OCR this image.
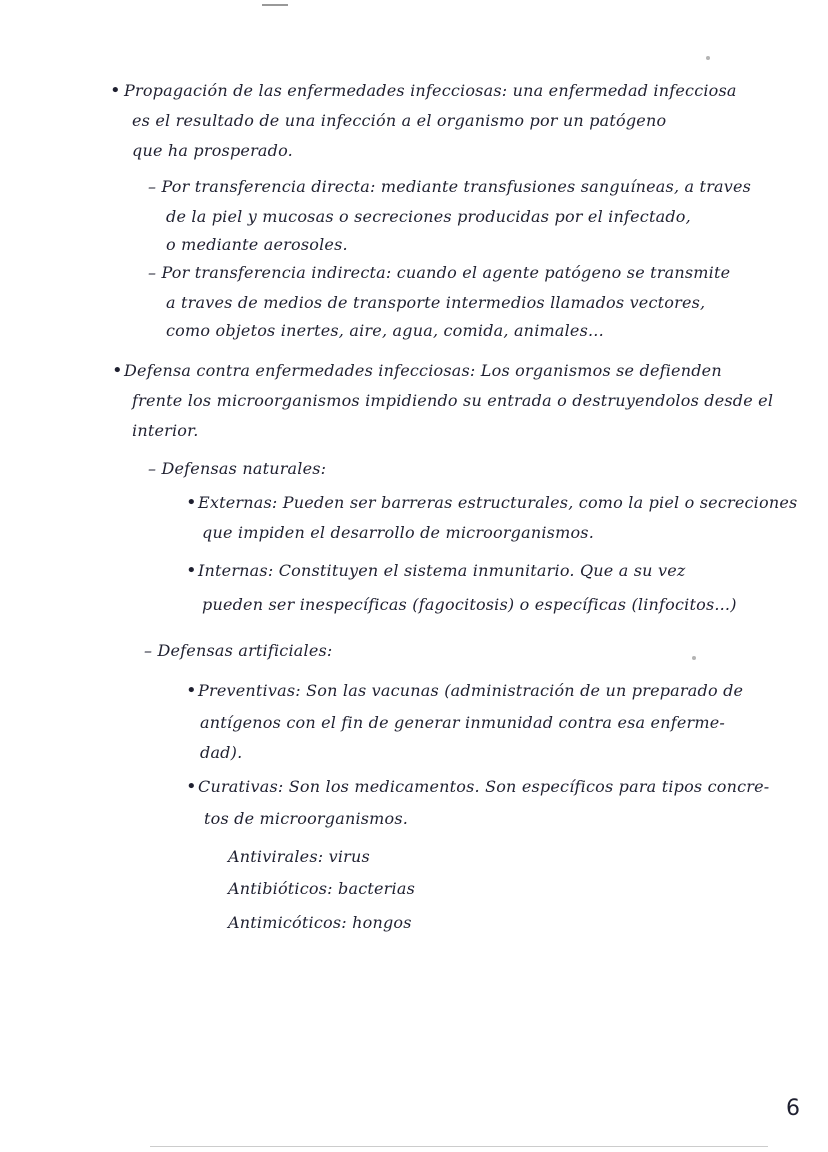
• Propagación de las enfermedades infecciosas: una enfermedad infecciosa
es el resultado de una infección a el organismo por un patógeno
que ha prosperado.
– Por transferencia directa: mediante transfusiones sanguíneas, a traves
de la piel y mucosas o secreciones producidas por el infectado,
o mediante aerosoles.
– Por transferencia indirecta: cuando el agente patógeno se transmite
a traves de medios de transporte intermedios llamados vectores,
como objetos inertes, aire, agua, comida, animales...
• Defensa contra enfermedades infecciosas: Los organismos se defienden
frente los microorganismos impidiendo su entrada o destruyendolos desde el
interior.
– Defensas naturales:
• Externas: Pueden ser barreras estructurales, como la piel o secreciones
que impiden el desarrollo de microorganismos.
• Internas: Constituyen el sistema inmunitario. Que a su vez
pueden ser inespecíficas (fagocitosis) o específicas (linfocitos...)
– Defensas artificiales:
• Preventivas: Son las vacunas (administración de un preparado de
antígenos con el fin de generar inmunidad contra esa enferme-
dad).
• Curativas: Son los medicamentos. Son específicos para tipos concre-
tos de microorganismos.
Antivirales: virus
Antibióticos: bacterias
Antimicóticos: hongos
6
